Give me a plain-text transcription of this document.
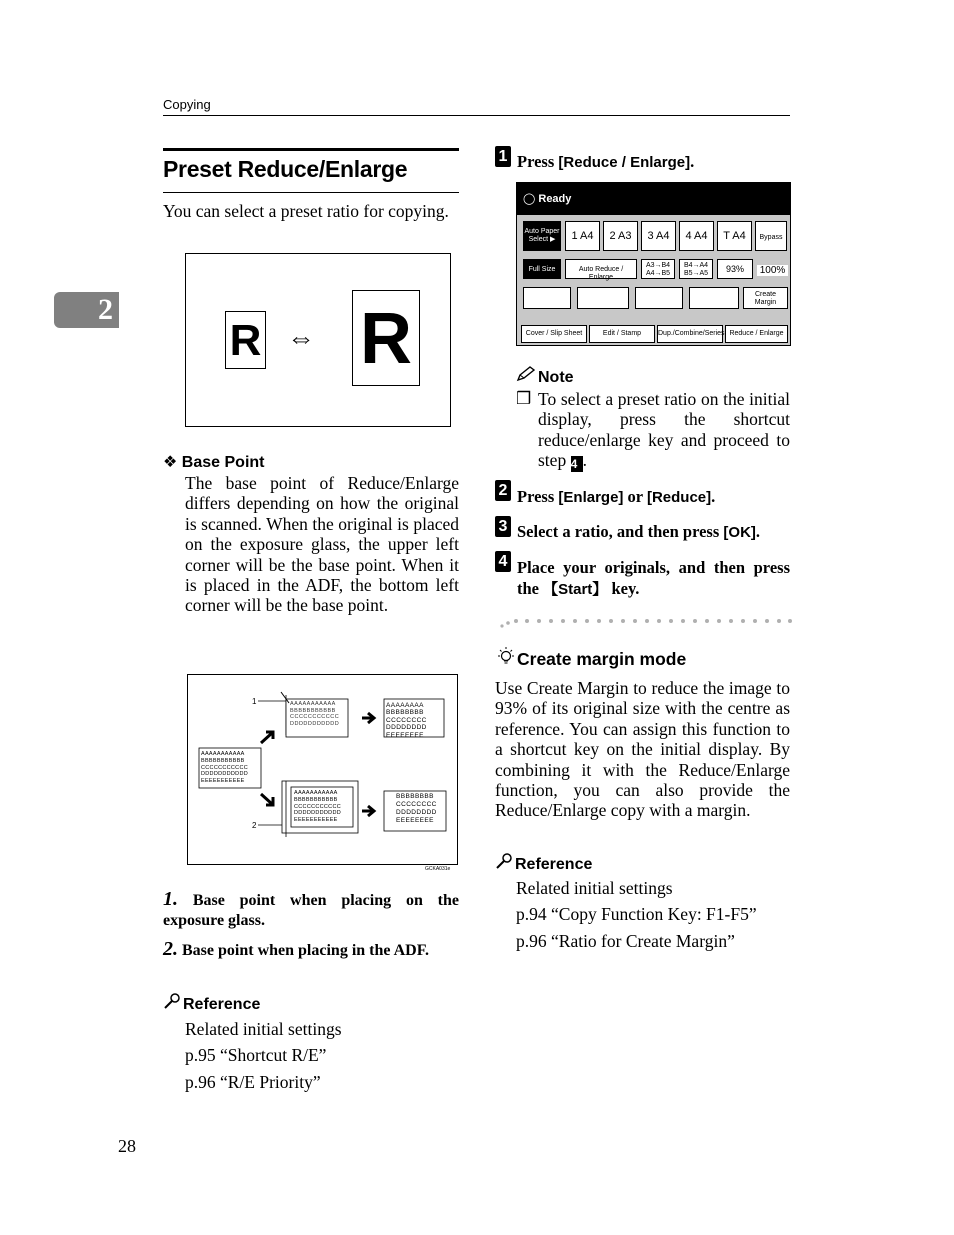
Copying
2
Preset Reduce/Enlarge
You can select a preset ratio for copying.
R ⇔ R
❖ Base Point
The base point of Reduce/Enlarge differs depending on how the original is scanned. When the original is placed on the exposure glass, the upper left corner will be the base point. When it is placed in the ADF, the bottom left corner will be the base point.
1
2
GCKA031e
AAAAAAAAAAA
BBBBBBBBBBB
CCCCCCCCCCC
DDDDDDDDDDD
AAAAAAAA
BBBBBBBB
CCCCCCCC
DDDDDDDD
EEEEEEEE
AAAAAAAAAAA
BBBBBBBBBBB
CCCCCCCCCCC
DDDDDDDDDDD
EEEEEEEEEEE
AAAAAAAAAAA
BBBBBBBBBBB
CCCCCCCCCCC
DDDDDDDDDDD
EEEEEEEEEEE
BBBBBBBB
CCCCCCCC
DDDDDDDD
EEEEEEEE
1. Base point when placing on the exposure glass.
2. Base point when placing in the ADF.
Reference
Related initial settings
p.95 “Shortcut R/E”
p.96 “R/E Priority”
1 Press [Reduce / Enlarge].
◯ Ready
Auto Paper Select ▶	1 A4	2 A3	3 A4	4 A4	T A4	Bypass
Full Size	Auto Reduce / Enlarge
A3→B4 A4→B5
B4→A4 B5→A5	93%	100%
Create Margin
Cover / Slip Sheet	Edit / Stamp	Dup./Combine/Series Reduce / Enlarge
Note
❒ To select a preset ratio on the initial display, press the shortcut reduce/enlarge key and proceed to step 4 .
2 Press [Enlarge] or [Reduce].
3 Select a ratio, and then press [OK].
4 Place your originals, and then press the 【Start】 key.
Create margin mode
Use Create Margin to reduce the image to 93% of its original size with the centre as reference. You can assign this function to a shortcut key on the initial display. By combining it with the Reduce/Enlarge function, you can also provide the Reduce/Enlarge copy with a margin.
Reference
Related initial settings
p.94 “Copy Function Key: F1-F5”
p.96 “Ratio for Create Margin”
28
